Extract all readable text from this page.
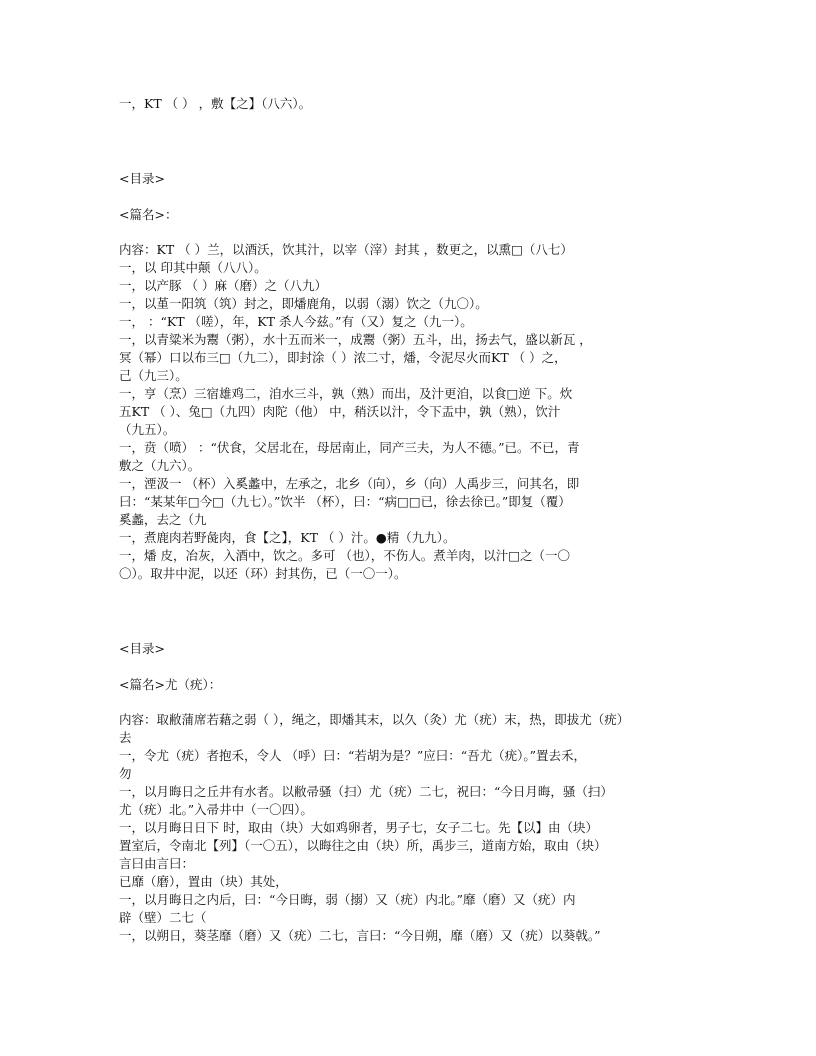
一，KT （ ） ，敷【之】（八六）。
<目录>
<篇名>：
内容：KT （ ）兰，以酒沃，饮其汁，以宰（滓）封其 ，数更之，以熏□（八七）
一，以 印其中颠（八八）。
一，以产豚 （ ）麻（磨）之（八九）
一，以堇一阳筑（筑）封之，即燔鹿角，以弱（溺）饮之（九〇）。
一， ：“KT （嗟），年，KT 杀人今兹。”有（又）复之（九一）。
一，以青粱米为鬻（粥），水十五而米一，成鬻（粥）五斗，出，扬去气，盛以新瓦 ，
冥（幂）口以布三□（九二），即封涂（ ）浓二寸，燔，令泥尽火而KT （ ）之，
己（九三）。
一，亨（烹）三宿雄鸡二，洎水三斗，孰（熟）而出，及汁更洎，以食□逆 下。炊
五KT （ ）、兔□（九四）肉陀（他） 中，稍沃以汁，令下盂中，孰（熟），饮汁
（九五）。
一，贲（喷） ：“伏食，父居北在，母居南止，同产三夫，为人不德。”已。不已，青
敷之（九六）。
一，湮汲一 （杯）入奚蠡中，左承之，北乡（向），乡（向）人禹步三，问其名，即
曰：“某某年□今□（九七）。”饮半 （杯），曰：“病□□已，徐去徐已。”即复（覆）
奚蠡，去之（九
一，煮鹿肉若野彘肉，食【之】，KT （ ）汁。●精（九九）。
一，燔 皮，冶灰，入酒中，饮之。多可 （也），不伤人。煮羊肉，以汁□之（一〇
〇）。取井中泥，以还（环）封其伤，已（一〇一）。
<目录>
<篇名>尤（疣）：
内容：取敝蒲席若藉之弱（ ），绳之，即燔其末，以久（灸）尤（疣）末，热，即拔尤（疣）
去
一，令尤（疣）者抱禾，令人 （呼）曰：“若胡为是？”应曰：“吾尤（疣）。”置去禾，
勿
一，以月晦日之丘井有水者。以敝帚骚（扫）尤（疣）二七，祝曰：“今日月晦，骚（扫）
尤（疣）北。”入帚井中（一〇四）。
一，以月晦日日下 时，取由（块）大如鸡卵者，男子七，女子二七。先【以】由（块）
置室后，令南北【列】（一〇五），以晦往之由（块）所，禹步三，道南方始，取由（块）
言曰由言曰：
已靡（磨），置由（块）其处，
一，以月晦日之内后，曰：“今日晦，弱（搦）又（疣）内北。”靡（磨）又（疣）内
辟（壁）二七（
一，以朔日，葵茎靡（磨）又（疣）二七，言曰：“今日朔，靡（磨）又（疣）以葵戟。”
